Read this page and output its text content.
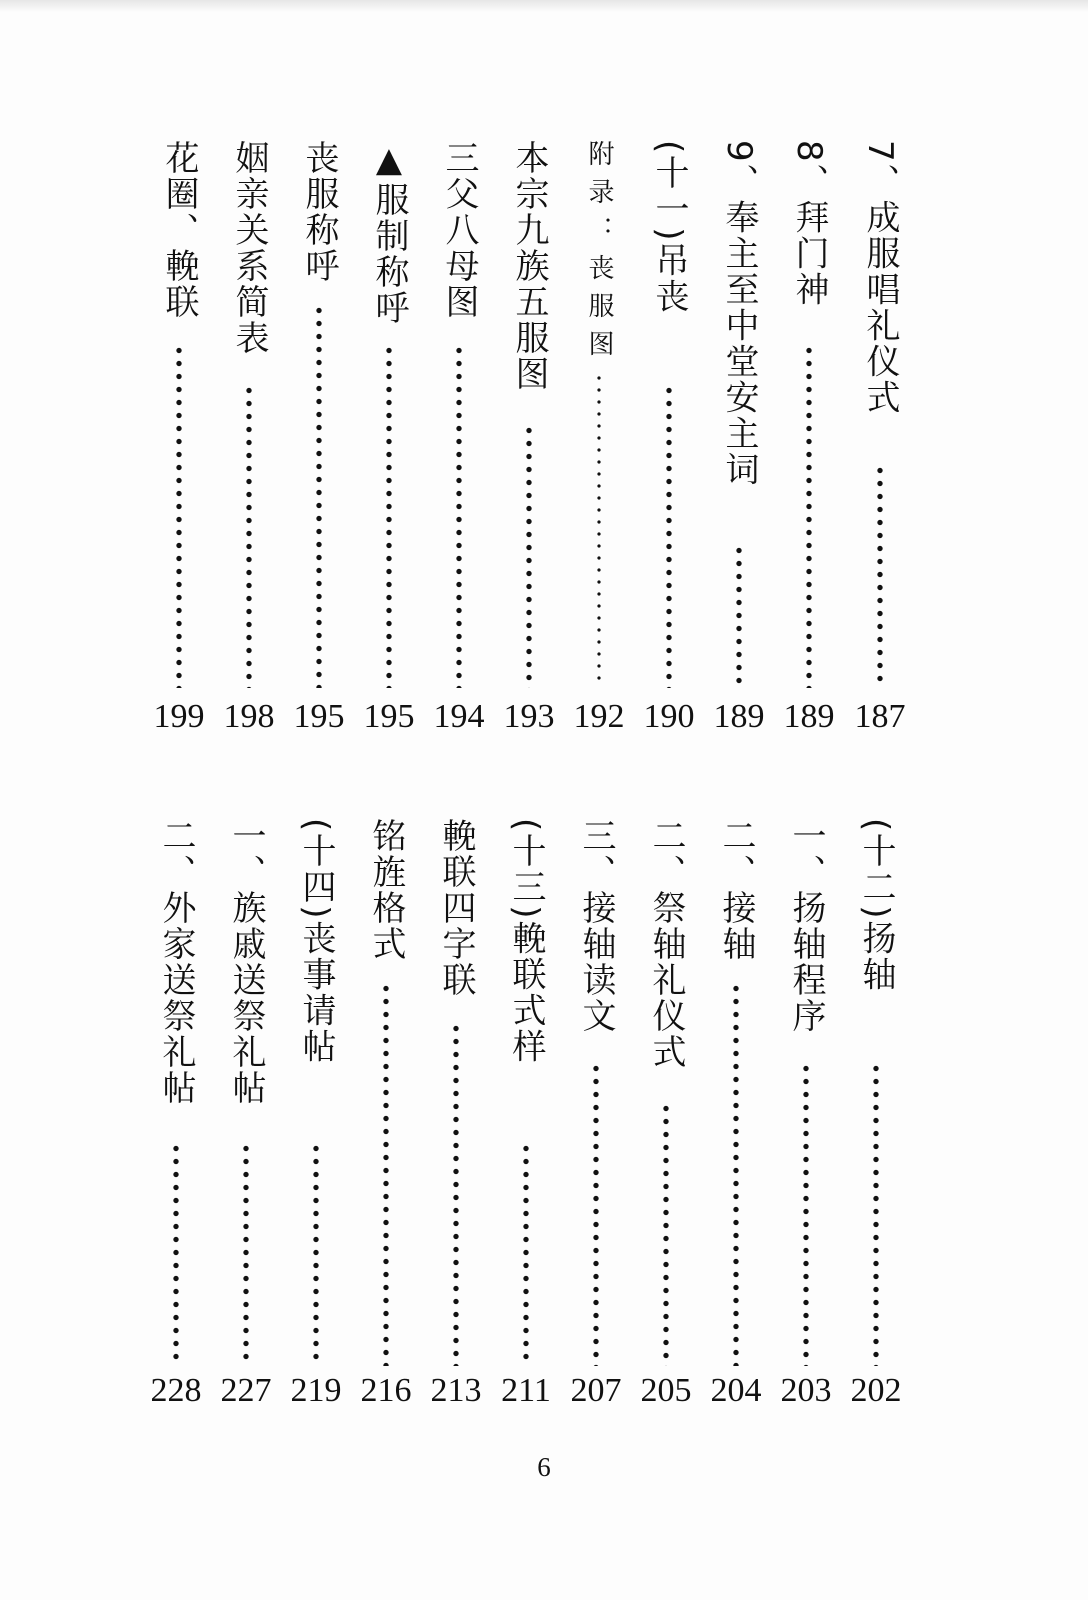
7、成服唱礼仪式
187
8、拜门神
189
9、奉主至中堂安主词
189
(十一)吊丧
190
附录：丧服图
192
本宗九族五服图
193
三父八母图
194
▲服制称呼
195
丧服称呼
195
姻亲关系简表
198
花圈、輓联
199
(十二)扬轴
202
一、扬轴程序
203
二、接轴
204
二、祭轴礼仪式
205
三、接轴读文
207
(十三)輓联式样
211
輓联四字联
213
铭旌格式
216
(十四)丧事请帖
219
一、族戚送祭礼帖
227
二、外家送祭礼帖
228
6
